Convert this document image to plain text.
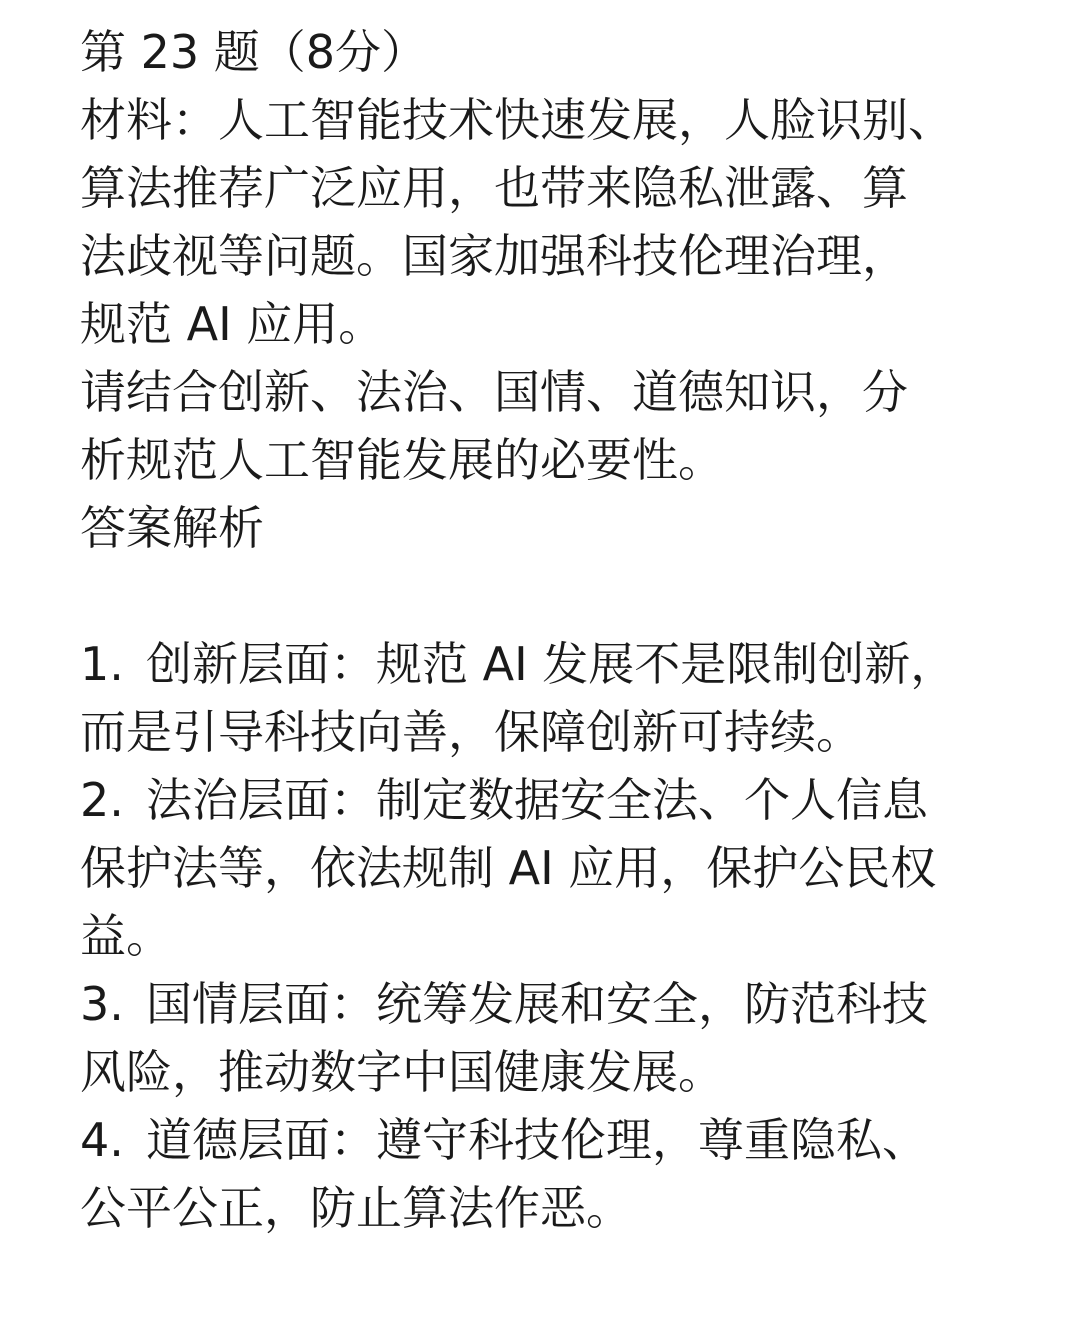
第 23 题（8分）
材料：人工智能技术快速发展，人脸识别、
算法推荐广泛应用，也带来隐私泄露、算
法歧视等问题。国家加强科技伦理治理，
规范 AI 应用。
请结合创新、法治、国情、道德知识，分
析规范人工智能发展的必要性。
答案解析
1. 创新层面：规范 AI 发展不是限制创新，
而是引导科技向善，保障创新可持续。
2. 法治层面：制定数据安全法、个人信息
保护法等，依法规制 AI 应用，保护公民权
益。
3. 国情层面：统筹发展和安全，防范科技
风险，推动数字中国健康发展。
4. 道德层面：遵守科技伦理，尊重隐私、
公平公正，防止算法作恶。
